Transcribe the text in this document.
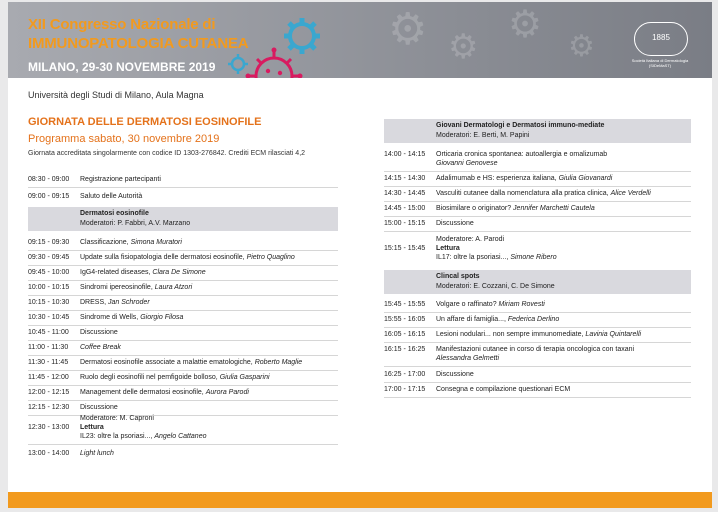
⚙ ⚙
⚙
⚙
XII Congresso Nazionale di
IMMUNOPATOLOGIA CUTANEA
MILANO, 29-30 NOVEMBRE 2019
1885
Società Italiana di Dermatologia (SIDeMaST)
Università degli Studi di Milano, Aula Magna
GIORNATA DELLE DERMATOSI EOSINOFILE
Programma sabato, 30 novembre 2019
Giornata accreditata singolarmente con codice ID 1303-276842. Crediti ECM rilasciati 4,2
08:30 - 09:00	Registrazione partecipanti
09:00 - 09:15	Saluto delle Autorità
Dermatosi eosinofile
Moderatori: P. Fabbri, A.V. Marzano
09:15 - 09:30	Classificazione, Simona Muratori
09:30 - 09:45	Update sulla fisiopatologia delle dermatosi eosinofile, Pietro Quaglino
09:45 - 10:00	IgG4-related diseases, Clara De Simone
10:00 - 10:15	Sindromi ipereosinofile, Laura Atzori
10:15 - 10:30	DRESS, Jan Schroder
10:30 - 10:45	Sindrome di Wells, Giorgio Filosa
10:45 - 11:00	Discussione
11:00 - 11:30	Coffee Break
11:30 - 11:45	Dermatosi eosinofile associate a malattie ematologiche, Roberto Maglie
11:45 - 12:00	Ruolo degli eosinofili nel pemfigoide bolloso, Giulia Gasparini
12:00 - 12:15	Management delle dermatosi eosinofile, Aurora Parodi
12:15 - 12:30	Discussione
Moderatore: M. Caproni
12:30 - 13:00	Lettura
IL23: oltre la psoriasi..., Angelo Cattaneo
13:00 - 14:00	Light lunch
Giovani Dermatologi e Dermatosi immuno-mediate
Moderatori: E. Berti, M. Papini
14:00 - 14:15	Orticaria cronica spontanea: autoallergia e omalizumab
Giovanni Genovese
14:15 - 14:30	Adalimumab e HS: esperienza italiana, Giulia Giovanardi
14:30 - 14:45	Vasculiti cutanee dalla nomenclatura alla pratica clinica, Alice Verdelli
14:45 - 15:00	Biosimilare o originator? Jennifer Marchetti Cautela
15:00 - 15:15	Discussione
Moderatore: A. Parodi
15:15 - 15:45	Lettura
IL17: oltre la psoriasi..., Simone Ribero
Clincal spots
Moderatori: E. Cozzani, C. De Simone
15:45 - 15:55	Volgare o raffinato? Miriam Rovesti
15:55 - 16:05	Un affare di famiglia..., Federica Derlino
16:05 - 16:15	Lesioni nodulari... non sempre immunomediate, Lavinia Quintarelli
16:15 - 16:25	Manifestazioni cutanee in corso di terapia oncologica con taxani
Alessandra Gelmetti
16:25 - 17:00	Discussione
17:00 - 17:15	Consegna e compilazione questionari ECM
